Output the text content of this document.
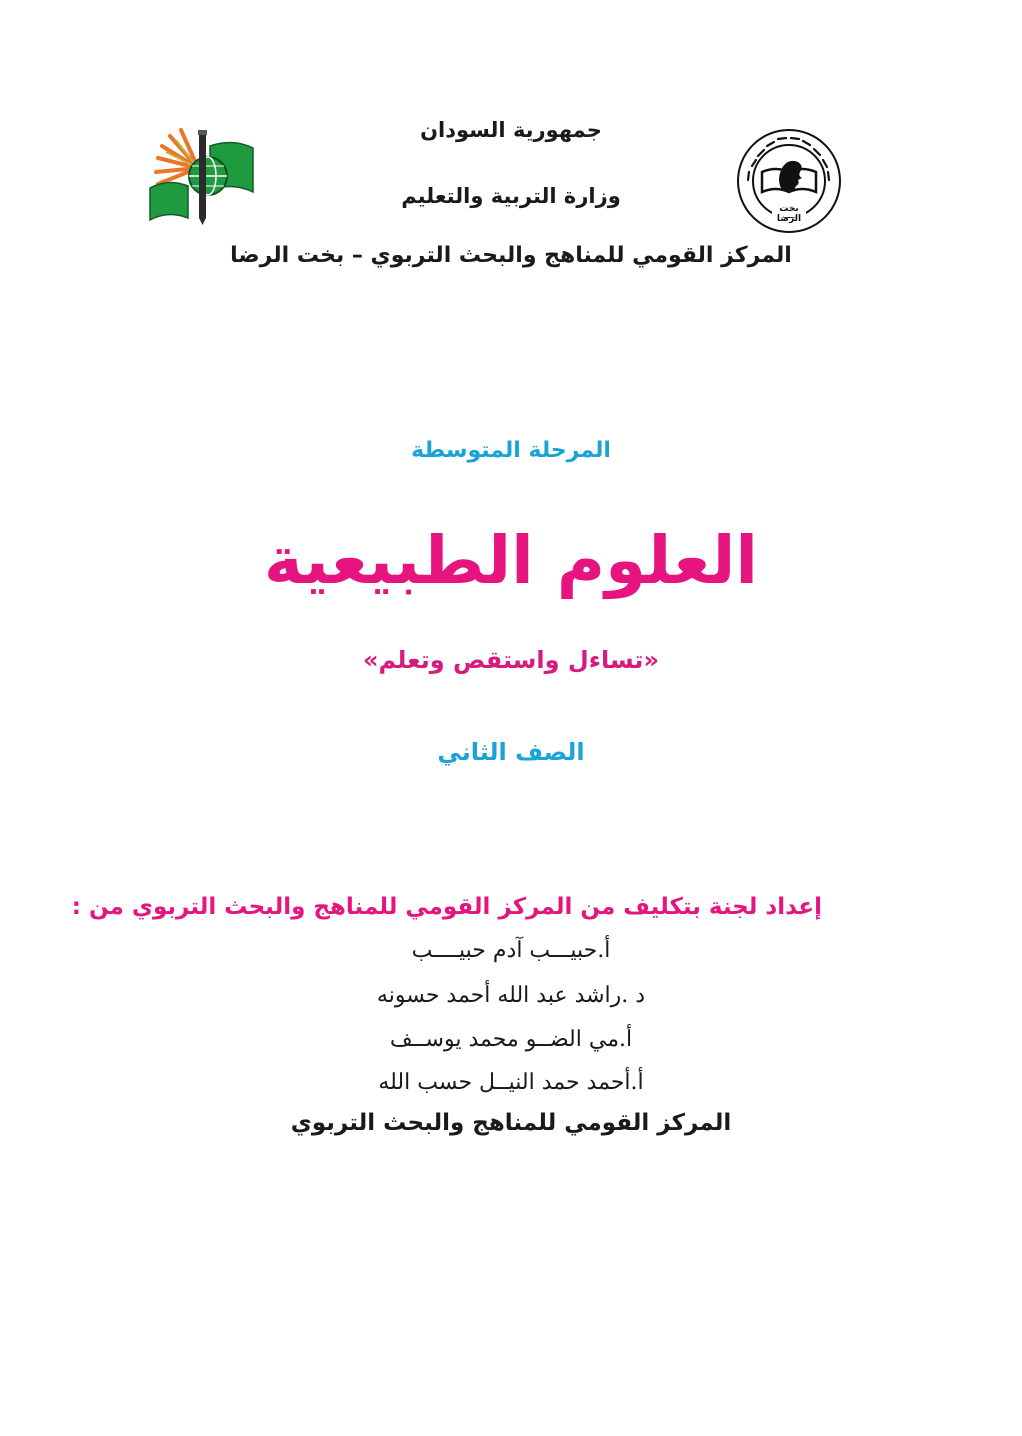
بخت الرضا
جمهورية السودان
وزارة التربية والتعليم
المركز القومي للمناهج والبحث التربوي – بخت الرضا
المرحلة المتوسطة
العلوم الطبيعية
«تساءل واستقص وتعلم»
الصف الثاني
إعداد لجنة بتكليف من المركز القومي للمناهج والبحث التربوي من :
أ.حبيـــب آدم حبيــــب
د .راشد عبد الله أحمد حسونه
أ.مي الضــو محمد يوســف
أ.أحمد حمد النيــل حسب الله
المركز القومي للمناهج والبحث التربوي
